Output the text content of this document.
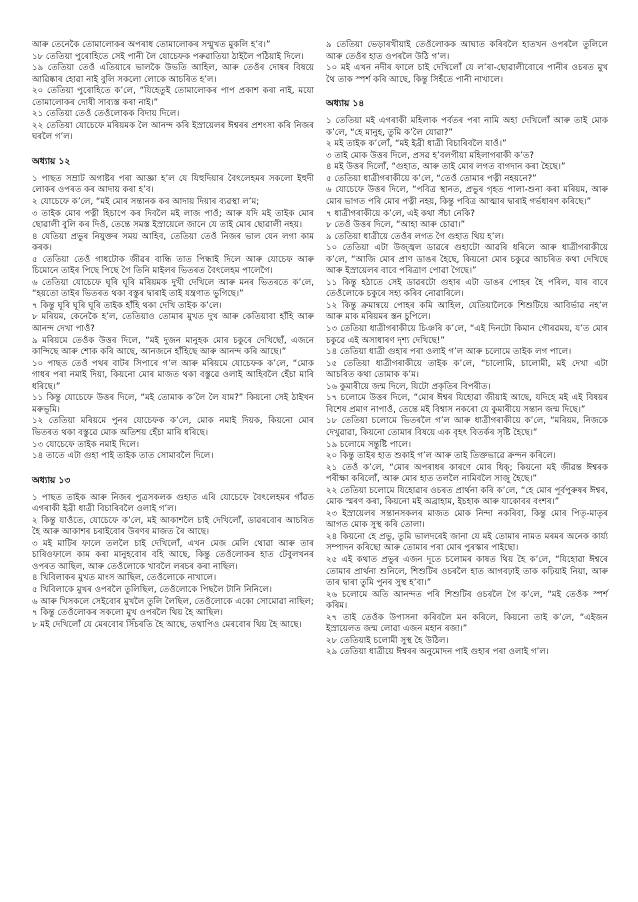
আৰু তেনেকৈ তোমালোকৰ অপৰাধ তোমালোকৰ সন্মুখত মুকলি হ’ব।”

১৮ তেতিয়া পুৰোহিতে সেই পানী লৈ যোচেফক পৰুৱাতিয়া ঠাইলৈ পঠিয়াই দিলে।

১৯ তেতিয়া তেওঁ এতিয়াৰে ভালকৈ উভতি আহিল, আৰু তেওঁৰ দোষৰ বিষয়ে আৱিষ্কাৰ হোৱা নাই বুলি সকলো লোকে আচৰিত হ’ল।

২০ তেতিয়া পুৰোহিতে ক’লে, “যিহেতুই তোমালোকৰ পাপ প্ৰকাশ কৰা নাই, মযো তোমালোকৰ দোষী সাব্যস্ত কৰা নাই।”

২১ তেতিয়া তেওঁ তেওঁলোকক বিদায় দিলে।

২২ তেতিয়া যোচেফে মৰিয়মক লৈ আনন্দ কৰি ইস্রায়েলৰ ঈশ্বৰৰ প্ৰশংসা কৰি নিজৰ ঘৰলৈ গ’ল।

অধ্যায় ১২

১ পাছত সম্ৰাট অগাষ্টৰ পৰা আজ্ঞা হ’ল যে যিহুদিয়াৰ বৈৎলেহমৰ সকলো ইহুদী লোকৰ ওপৰত কৰ আদায় কৰা হ’ব।

২ যোচেফে ক’লে, “মই মোৰ সন্তানক কৰ আদায় দিয়াৰ ব্যৱস্থা ল’ম;

৩ তাইক মোৰ পত্নী হিচাপে কৰ দিবলৈ মই লাজ পাওঁ; আৰু যদি মই তাইক মোৰ ছোৱালী বুলি কৰ দিওঁ, তেন্তে সমস্ত ইস্রায়েলে জানে যে তাই মোৰ ছোৱালী নহয়।

৪ যেতিয়া প্ৰভুৰ নিযুক্তৰ সময় আহিব, তেতিয়া তেওঁ নিজৰ ভাল যেন লগা কাম কৰক।

৫ তেতিয়া তেওঁ গাধটোক জীৱৰ বান্ধি তাত পিন্ধাই দিলে আৰু যোচেফ আৰু চিমোনে তাইৰ পিছে পিছে গৈ তিনি মাইলৰ ভিতৰত বৈৎলেহম পালেগৈ।

৬ তেতিয়া যোচেফে ঘূৰি ঘূৰি মৰিয়মক দুখী দেখিলে আৰু মনৰ ভিতৰতে ক’লে, “হয়তো তাইৰ ভিতৰত থকা বস্তুৰ দ্বাৰাই তাই যন্ত্ৰণাত ভুগিছে।”

৭ কিন্তু ঘূৰি ঘূৰি ঘূৰি তাইক হাঁহি থকা দেখি তাইক ক’লে।

৮ মৰিয়ম, কেনেকৈ হ’ল, তেতিয়াও তোমাৰ মুখত দুখ আৰু কেতিয়াবা হাঁহি আৰু আনন্দ দেখা পাওঁ?

৯ মৰিয়মে তেওঁক উত্তৰ দিলে, “মই দুজন মানুহক মোৰ চকুৰে দেখিছোঁ, এজনে কান্দিছে আৰু শোক কৰি আছে, আনজনে হাঁহিছে আৰু আনন্দ কৰি আছে।”

১০ পাছত তেওঁ পথৰ বাটৰ সিপাৰে গ’ল আৰু মৰিয়মে যোচেফক ক’লে, “মোক গাধৰ পৰা নমাই দিয়া, কিয়নো মোৰ মাজত থকা বস্তুৱে ওলাই আহিবলৈ হেঁচা মাৰি ধৰিছে।”

১১ কিন্তু যোচেফে উত্তৰ দিলে, “মই তোমাক ক’লৈ লৈ যাম?” কিয়নো সেই ঠাইখন মৰুভূমি।

১২ তেতিয়া মৰিয়মে পুনৰ যোচেফক ক’লে, মোক নমাই দিয়ক, কিয়নো মোৰ ভিতৰত থকা বস্তুৱে মোক অতিশয় হেঁচা মাৰি ধৰিছে।

১৩ যোচেফে তাইক নমাই দিলে।

১৪ তাতে এটা গুহা পাই তাইক তাত সোমাবলৈ দিলে।

অধ্যায় ১৩

১ পাছত তাইক আৰু নিজৰ পুত্ৰসকলক গুহাত এৰি যোচেফে বৈৎলেহমৰ গাঁৱত এগৰাকী ইব্ৰী ধাত্ৰী বিচাৰিবলৈ ওলাই গ’ল।

২ কিন্তু যাওঁতে, যোচেফে ক’লে, মই আকাশলৈ চাই দেখিলোঁ, ডাৱৰবোৰ আচৰিত হৈ আৰু আকাশৰ চৰাইবোৰ উৰণৰ মাজত ৰৈ আছে।

৩ মই মাটিৰ ফালে তললৈ চাই দেখিলোঁ, এখন মেজ মেলি থোৱা আৰু তাৰ চাৰিওফালে কাম কৰা মানুহবোৰ বহি আছে, কিন্তু তেওঁলোকৰ হাত টেবুলখনৰ ওপৰত আছিল, আৰু তেওঁলোকে খাবলৈ লৰচৰ কৰা নাছিল।

৪ খিবিলাকৰ মুখত মাংস আছিল, তেওঁলোকে নাখালে।

৫ খিবিলাকে মুখৰ ওপৰলৈ তুলিছিল, তেওঁলোকে পিছলৈ টানি নিনিলে।

৬ আৰু খিসকলে সেইবোৰ মুখলৈ তুলি লৈছিল, তেওঁলোকে একো সোমোৱা নাছিল;

৭ কিন্তু তেওঁলোকৰ সকলো মুখ ওপৰলৈ থিয় হৈ আছিল।

৮ মই দেখিলোঁ যে মেৰবোৰ সিঁচৰতি হৈ আছে, তথাপিও মেৰবোৰ থিয় হৈ আছে।

৯ তেতিয়া ভেড়াৰখীয়াই তেওঁলোকক আঘাত কৰিবলৈ হাতখন ওপৰলৈ তুলিলে আৰু তেওঁৰ হাত ওপৰলৈ উঠি গ’ল।

১০ মই এখন নদীৰ ফালে চাই দেখিলোঁ যে ল’ৰা-ছোৱালীবোৰে পানীৰ ওচৰত মুখ থৈ তাক স্পৰ্শ কৰি আছে, কিন্তু সিহঁতে পানী নাখালে।

অধ্যায় ১৪

১ তেতিয়া মই এগৰাকী মহিলাক পৰ্বতৰ পৰা নামি অহা দেখিলোঁ আৰু তাই মোক ক’লে, “হে মানুহ, তুমি ক’লৈ যোৱা?”

২ মই তাইক ক’লোঁ, “মই ইব্ৰী ধাত্ৰী বিচাৰিবলৈ যাওঁ।”

৩ তাই মোক উত্তৰ দিলে, প্ৰসৱ হ’বলগীয়া মহিলাগৰাকী ক’ত?

৪ মই উত্তৰ দিলোঁ, “গুহাত, আৰু তাই মোৰ লগত বাগদান কৰা হৈছে।”

৫ তেতিয়া ধাত্ৰীগৰাকীয়ে ক’লে, “তেওঁ তোমাৰ পত্নী নহয়নে?”

৬ যোচেফে উত্তৰ দিলে, “পবিত্ৰ স্থানত, প্ৰভুৰ গৃহত পালা-শুনা কৰা মৰিয়ম, আৰু মোৰ ভাগত পৰি মোৰ পত্নী নহয়, কিন্তু পবিত্ৰ আত্মাৰ দ্বাৰাই গৰ্ভধাৰণ কৰিছে।”

৭ ধাত্ৰীগৰাকীয়ে ক’লে, এই কথা সঁচা নেকি?

৮ তেওঁ উত্তৰ দিলে, “আহা আৰু চোৱা।”

৯ তেতিয়া ধাত্ৰীয়ে তেওঁৰ লগত গৈ গুহাত থিয় হ’ল।

১০ তেতিয়া এটা উজ্জ্বল ডাৱৰে গুহাটো আৱৰি ধৰিলে আৰু ধাত্ৰীগৰাকীয়ে ক’লে, “আজি মোৰ প্ৰাণ ডাঙৰ হৈছে, কিয়নো মোৰ চকুৱে আচৰিত কথা দেখিছে আৰু ইস্রায়েলৰ বাবে পৰিত্ৰাণ পোৱা গৈছে।”

১১ কিন্তু হঠাতে সেই ডাৱৰটো গুহাৰ এটা ডাঙৰ পোহৰ হৈ পৰিল, যাৰ বাবে তেওঁলোকে চকুৰে সহ্য কৰিব নোৱাৰিলে।

১২ কিন্তু ক্ৰমান্বয়ে পোহৰ কমি আহিল, যেতিয়ালৈকে শিশুটিয়ে আবিৰ্ভাৱ নহ’ল আৰু মাক মৰিয়মৰ স্তন চুপিলে।

১৩ তেতিয়া ধাত্ৰীগৰাকীয়ে চিঞৰি ক’লে, “এই দিনটো কিমান গৌৰৱময়, য’ত মোৰ চকুৱে এই অসাধাৰণ দৃশ্য দেখিছে!”

১৪ তেতিয়া ধাত্ৰী গুহাৰ পৰা ওলাই গ’ল আৰু চলোমে তাইক লগ পালে।

১৫ তেতিয়া ধাত্ৰীগৰাকীয়ে তাইক ক’লে, “চালোমি, চালোমী, মই দেখা এটা আচৰিত কথা তোমাক ক’ম।

১৬ কুমাৰীয়ে জন্ম দিলে, যিটো প্ৰকৃতিৰ বিপৰীত।

১৭ চলোমে উত্তৰ দিলে, “মোৰ ঈশ্বৰ যিহোৱা জীয়াই আছে, যদিহে মই এই বিষয়ৰ বিশেষ প্ৰমাণ নাপাওঁ, তেন্তে মই বিশ্বাস নকৰো যে কুমাৰীয়ে সন্তান জন্ম দিছে।”

১৮ তেতিয়া চলোমে ভিতৰলৈ গ’ল আৰু ধাত্ৰীগৰাকীয়ে ক’লে, “মৰিয়ম, নিজকে দেখুৱাৱা, কিয়নো তোমাৰ বিষয়ে এক বৃহৎ বিতৰ্কৰ সৃষ্টি হৈছে।”

১৯ চলোমে সন্তুষ্টি পালে।

২০ কিন্তু তাইৰ হাত শুকাই গ’ল আৰু তাই তিক্তভাৱে ক্ৰন্দন কৰিলে।

২১ তেওঁ ক’লে, “মোৰ অপৰাধৰ কাৰণে মোৰ ধিক্‌; কিয়নো মই জীৱন্ত ঈশ্বৰক পৰীক্ষা কৰিলোঁ, আৰু মোৰ হাত তললৈ নামিবলৈ সাজু হৈছে।”

২২ তেতিয়া চলোমে যিহোৱাৰ ওচৰত প্ৰাৰ্থনা কৰি ক’লে, “হে মোৰ পূৰ্বপুৰুষৰ ঈশ্বৰ, মোক স্মৰণ কৰা, কিয়নো মই অব্ৰাহাম, ইচহাক আৰু যাকোবৰ বংশৰ।”

২৩ ইস্রায়েলৰ সন্তানসকলৰ মাজত মোক নিন্দা নকৰিবা, কিন্তু মোৰ পিতৃ-মাতৃৰ আগত মোক সুস্থ কৰি তোলা।

২৪ কিয়নো হে প্ৰভু, তুমি ভালদৰেই জানা যে মই তোমাৰ নামত মৰমৰ অনেক কাৰ্য্য সম্পাদন কৰিছো আৰু তোমাৰ পৰা মোৰ পুৰস্কাৰ পাইছো।

২৫ এই কথাত প্ৰভুৰ এজন দূতে চলোমৰ কাষত থিয় হৈ ক’লে, “যিহোৱা ঈশ্বৰে তোমাৰ প্ৰাৰ্থনা শুনিলে, শিশুটিৰ ওচৰলৈ হাত আগবঢ়াই তাক কঢ়িয়াই নিয়া, আৰু তাৰ দ্বাৰা তুমি পুনৰ সুস্থ হ’বা।”

২৬ চলোমে অতি আনন্দত পৰি শিশুটিৰ ওচৰলৈ গৈ ক’লে, “মই তেওঁক স্পৰ্শ কৰিম।

২৭ তাই তেওঁক উপাসনা কৰিবলৈ মন কৰিলে, কিয়নো তাই ক’লে, “এইজন ইস্রায়েলত জন্ম লোৱা এজন মহান ৰজা।”

২৮ তেতিয়াই চলোমী সুস্থ হৈ উঠিল।

২৯ তেতিয়া ধাত্ৰীয়ে ঈশ্বৰৰ অনুমোদন পাই গুহাৰ পৰা ওলাই গ’ল।
